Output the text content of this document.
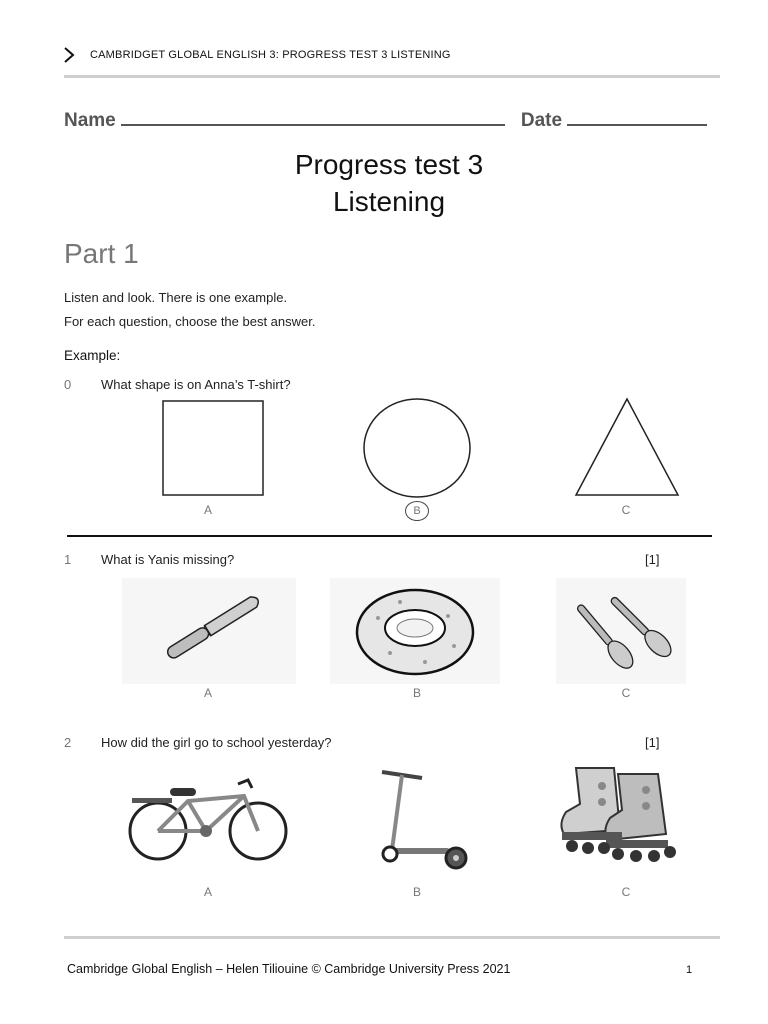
CAMBRIDGET GLOBAL ENGLISH 3: PROGRESS TEST 3 LISTENING
Name	Date
Progress test 3
Listening
Part 1
Listen and look. There is one example.
For each question, choose the best answer.
Example:
0 What shape is on Anna’s T-shirt?
A	B	C
1 What is Yanis missing?	[1]
A	B	C
2 How did the girl go to school yesterday?	[1]
A	B	C
Cambridge Global English – Helen Tiliouine © Cambridge University Press 2021	1
